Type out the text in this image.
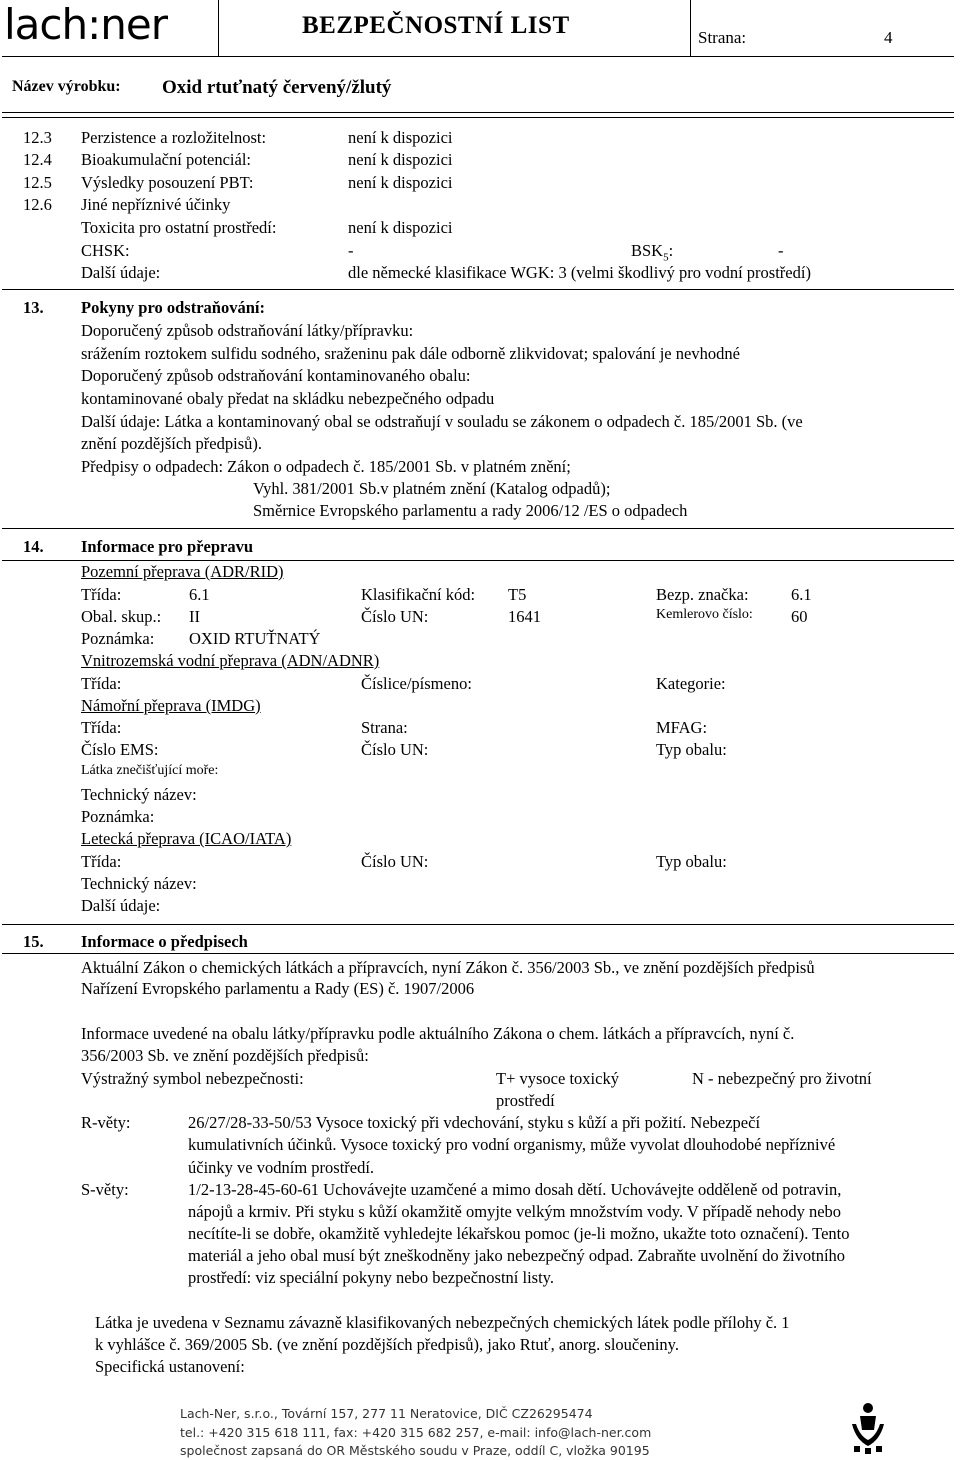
lach:ner	BEZPEČNOSTNÍ LIST	Strana:	4
Název výrobku: Oxid rtuťnatý červený/žlutý
12.3 Perzistence a rozložitelnost:	není k dispozici
12.4 Bioakumulační potenciál:	není k dispozici
12.5 Výsledky posouzení PBT:	není k dispozici
12.6 Jiné nepříznivé účinky
Toxicita pro ostatní prostředí:	není k dispozici
CHSK:	-	$BSK_5$:	-
Další údaje:	dle německé klasifikace WGK: 3 (velmi škodlivý pro vodní prostředí)
13. Pokyny pro odstraňování:
Doporučený způsob odstraňování látky/přípravku:
srážením roztokem sulfidu sodného, sraženinu pak dále odborně zlikvidovat; spalování je nevhodné
Doporučený způsob odstraňování kontaminovaného obalu:
kontaminované obaly předat na skládku nebezpečného odpadu
Další údaje: Látka a kontaminovaný obal se odstraňují v souladu se zákonem o odpadech č. 185/2001 Sb. (ve
znění pozdějších předpisů).
Předpisy o odpadech: Zákon o odpadech č. 185/2001 Sb. v platném znění;
Vyhl. 381/2001 Sb.v platném znění (Katalog odpadů);
Směrnice Evropského parlamentu a rady 2006/12 /ES o odpadech
14. Informace pro přepravu
Pozemní přeprava (ADR/RID)
Třída:	6.1	Klasifikační kód: T5	Bezp. značka:	6.1
Obal. skup.: II	Číslo UN:	1641	Kemlerovo číslo: 60
Poznámka: OXID RTUŤNATÝ
Vnitrozemská vodní přeprava (ADN/ADNR)
Třída:	Číslice/písmeno:	Kategorie:
Námořní přeprava (IMDG)
Třída:	Strana:	MFAG:
Číslo EMS:	Číslo UN:	Typ obalu:
Látka znečišťující moře:
Technický název:
Poznámka:
Letecká přeprava (ICAO/IATA)
Třída:	Číslo UN:	Typ obalu:
Technický název:
Další údaje:
15. Informace o předpisech
Aktuální Zákon o chemických látkách a přípravcích, nyní Zákon č. 356/2003 Sb., ve znění pozdějších předpisů
Nařízení Evropského parlamentu a Rady (ES) č. 1907/2006
Informace uvedené na obalu látky/přípravku podle aktuálního Zákona o chem. látkách a přípravcích, nyní č.
356/2003 Sb. ve znění pozdějších předpisů:
Výstražný symbol nebezpečnosti:	T+ vysoce toxický	N - nebezpečný pro životní
prostředí
R-věty:	26/27/28-33-50/53 Vysoce toxický při vdechování, styku s kůží a při požití. Nebezpečí
kumulativních účinků. Vysoce toxický pro vodní organismy, může vyvolat dlouhodobé nepříznivé
účinky ve vodním prostředí.
S-věty:	1/2-13-28-45-60-61 Uchovávejte uzamčené a mimo dosah dětí. Uchovávejte odděleně od potravin,
nápojů a krmiv. Při styku s kůží okamžitě omyjte velkým množstvím vody. V případě nehody nebo
necítíte-li se dobře, okamžitě vyhledejte lékařskou pomoc (je-li možno, ukažte toto označení). Tento
materiál a jeho obal musí být zneškodněny jako nebezpečný odpad. Zabraňte uvolnění do životního
prostředí: viz speciální pokyny nebo bezpečnostní listy.
Látka je uvedena v Seznamu závazně klasifikovaných nebezpečných chemických látek podle přílohy č. 1
k vyhlášce č. 369/2005 Sb. (ve znění pozdějších předpisů), jako Rtuť, anorg. sloučeniny.
Specifická ustanovení:
Lach-Ner, s.r.o., Tovární 157, 277 11 Neratovice, DIČ CZ26295474
tel.: +420 315 618 111, fax: +420 315 682 257, e-mail: info@lach-ner.com
společnost zapsaná do OR Městského soudu v Praze, oddíl C, vložka 90195
